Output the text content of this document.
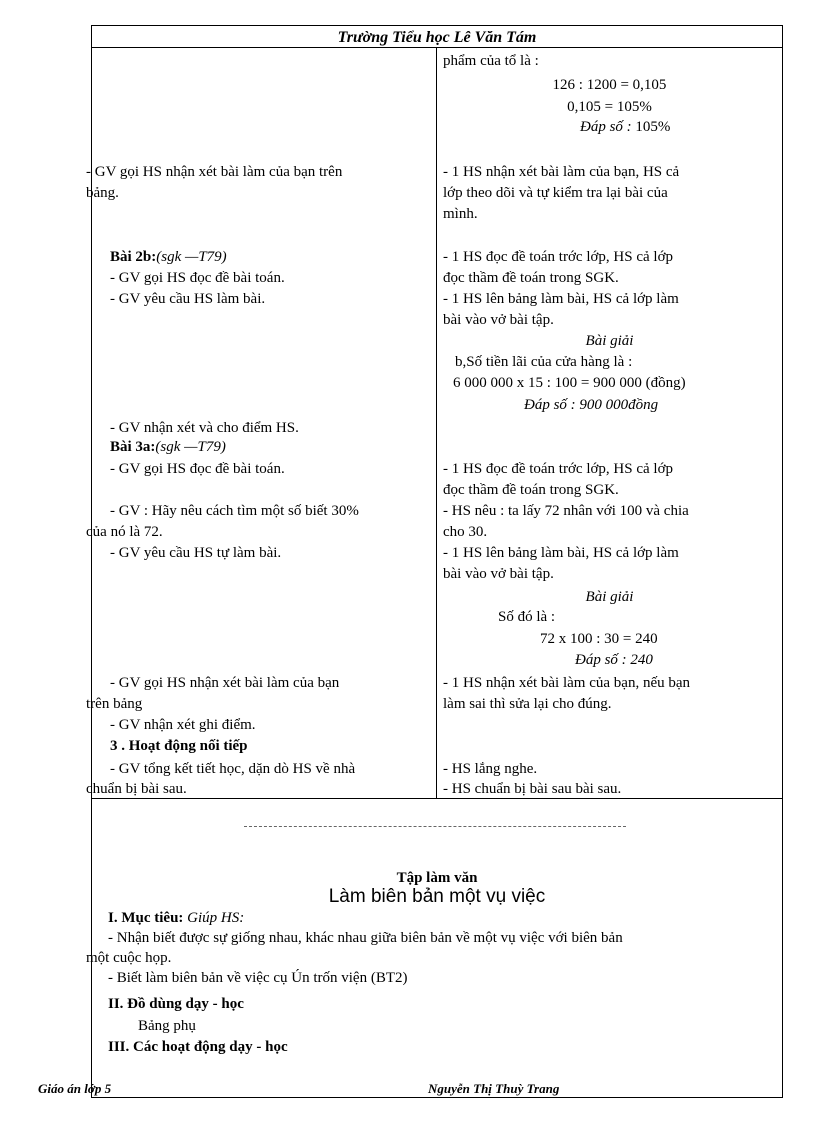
Trường Tiểu học Lê Văn Tám
phẩm của tổ là :
126 : 1200 = 0,105
0,105 = 105%
Đáp số : 105%
- 1 HS nhận xét bài làm của bạn, HS cả
lớp theo dõi và tự kiểm tra lại bài của
mình.
- 1 HS đọc đề toán trớc lớp, HS cả lớp
đọc thầm đề toán trong SGK.
- 1 HS lên bảng làm bài, HS cả lớp làm
bài vào vở bài tập.
Bài giải
b,Số tiền lãi của cửa hàng là :
6 000 000 x 15 : 100 = 900 000 (đồng)
Đáp số : 900 000đồng
- 1 HS đọc đề toán trớc lớp, HS cả lớp
đọc thầm đề toán trong SGK.
- HS nêu : ta lấy 72 nhân với 100 và chia
cho 30.
- 1 HS lên bảng làm bài, HS cả lớp làm
bài vào vở bài tập.
Bài giải
Số đó là :
72 x 100 : 30 = 240
Đáp số : 240
- 1 HS nhận xét bài làm của bạn, nếu bạn
làm sai thì sửa lại cho đúng.
- HS lắng nghe.
- HS chuẩn bị bài sau bài sau.
- GV gọi HS nhận xét bài làm của bạn trên
bảng.
Bài 2b:(sgk —T79)
- GV gọi HS đọc đề bài toán.
- GV yêu cầu HS làm bài.
- GV nhận xét và cho điểm HS.
Bài 3a:(sgk —T79)
- GV gọi HS đọc đề bài toán.
- GV : Hãy nêu cách tìm một số biết 30%
của nó là 72.
- GV yêu cầu HS tự làm bài.
- GV gọi HS nhận xét bài làm của bạn
trên bảng
- GV nhận xét ghi điểm.
3 . Hoạt động nối tiếp
- GV tổng kết tiết học, dặn dò HS về nhà
chuẩn bị bài sau.
Tập làm văn
Làm biên bản một vụ việc
I. Mục tiêu: Giúp HS:
- Nhận biết được sự giống nhau, khác nhau giữa biên bản về một vụ việc với biên bản
một cuộc họp.
- Biết làm biên bản về việc cụ Ún trốn viện (BT2)
II. Đồ dùng dạy - học
Bảng phụ
III. Các hoạt động dạy - học
Giáo án lớp 5	Nguyễn Thị Thuỳ Trang
